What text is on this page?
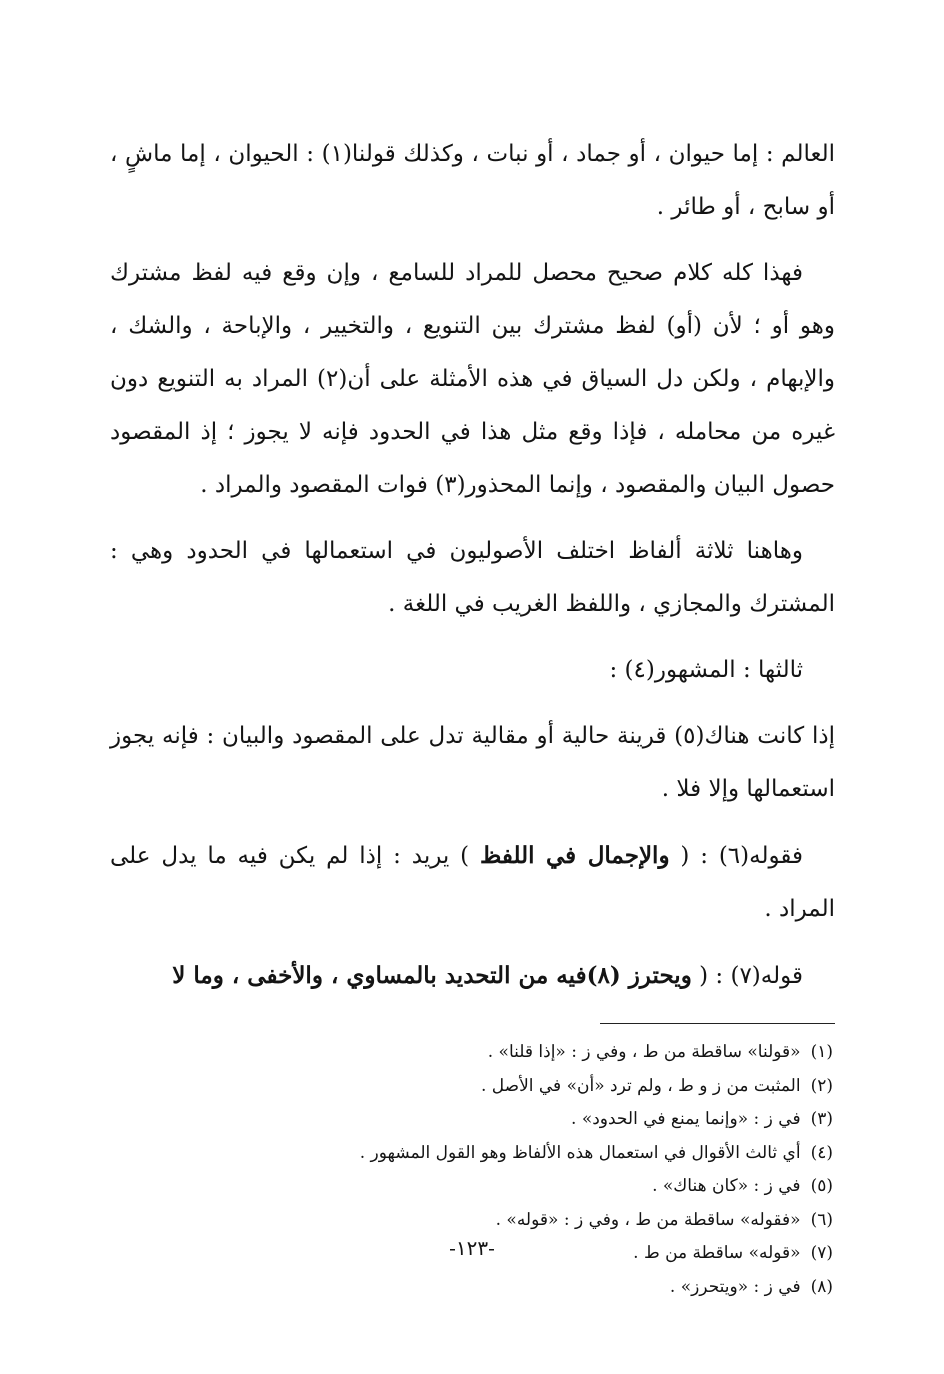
العالم : إما حيوان ، أو جماد ، أو نبات ، وكذلك قولنا(١) : الحيوان ، إما ماشٍ ، أو سابح ، أو طائر .

فهذا كله كلام صحيح محصل للمراد للسامع ، وإن وقع فيه لفظ مشترك وهو أو ؛ لأن (أو) لفظ مشترك بين التنويع ، والتخيير ، والإباحة ، والشك ، والإبهام ، ولكن دل السياق في هذه الأمثلة على أن(٢) المراد به التنويع دون غيره من محامله ، فإذا وقع مثل هذا في الحدود فإنه لا يجوز ؛ إذ المقصود حصول البيان والمقصود ، وإنما المحذور(٣) فوات المقصود والمراد .

وهاهنا ثلاثة ألفاظ اختلف الأصوليون في استعمالها في الحدود وهي : المشترك والمجازي ، واللفظ الغريب في اللغة .

ثالثها : المشهور(٤) :

إذا كانت هناك(٥) قرينة حالية أو مقالية تدل على المقصود والبيان : فإنه يجوز استعمالها وإلا فلا .

فقوله(٦) : ( والإجمال في اللفظ ) يريد : إذا لم يكن فيه ما يدل على المراد .

قوله(٧) : ( ويحترز (٨)فيه من التحديد بالمساوي ، والأخفى ، وما لا

(١)«قولنا» ساقطة من ط ، وفي ز : «إذا قلنا» .
(٢)المثبت من ز و ط ، ولم ترد «أن» في الأصل .
(٣)في ز : «وإنما يمنع في الحدود» .
(٤)أي ثالث الأقوال في استعمال هذه الألفاظ وهو القول المشهور .
(٥)في ز : «كان هناك» .
(٦)«فقوله» ساقطة من ط ، وفي ز : «قوله» .
(٧)«قوله» ساقطة من ط .
(٨)في ز : «ويتحرز» .
-١٢٣-
